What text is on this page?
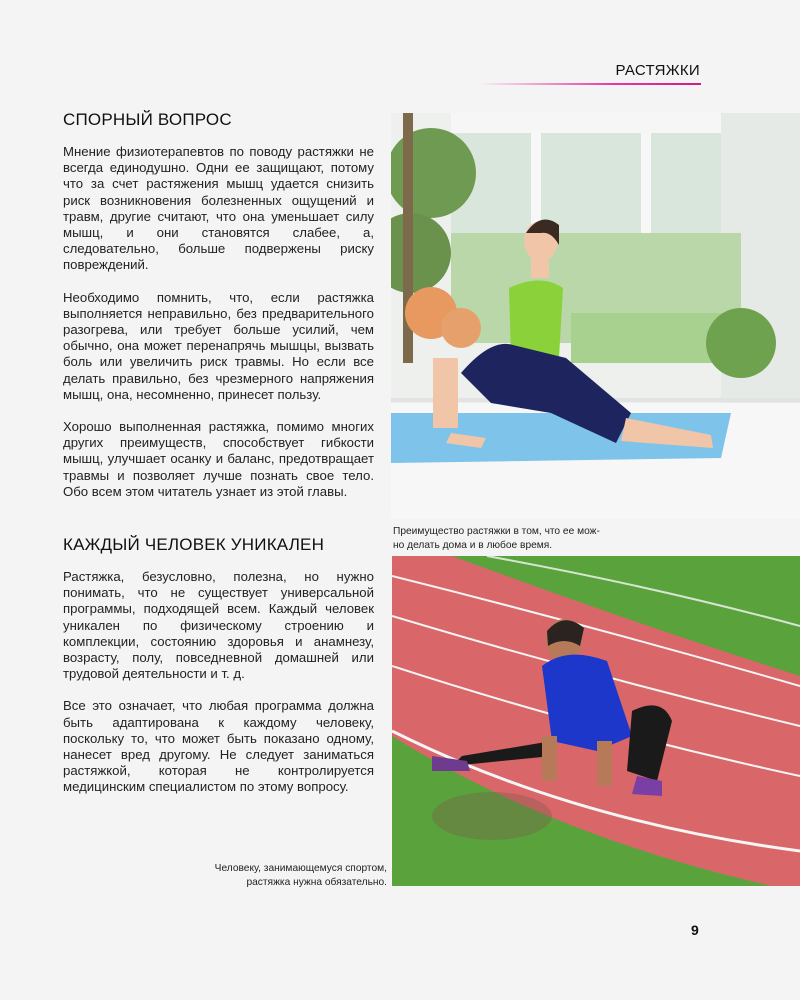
РАСТЯЖКИ
СПОРНЫЙ ВОПРОС

Мнение физиотерапевтов по поводу растяжки не всегда единодушно. Одни ее защищают, потому что за счет растяжения мышц удается снизить риск возникновения болезненных ощущений и травм, другие считают, что она уменьшает силу мышц, и они становятся слабее, а, следовательно, больше подвержены риску повреждений.

Необходимо помнить, что, если растяжка выполняется неправильно, без предварительного разогрева, или требует больше усилий, чем обычно, она может перенапрячь мышцы, вызвать боль или увеличить риск травмы. Но если все делать правильно, без чрезмерного напряжения мышц, она, несомненно, принесет пользу.

Хорошо выполненная растяжка, помимо многих других преимуществ, способствует гибкости мышц, улучшает осанку и баланс, предотвращает травмы и позволяет лучше познать свое тело. Обо всем этом читатель узнает из этой главы.

КАЖДЫЙ ЧЕЛОВЕК УНИКАЛЕН

Растяжка, безусловно, полезна, но нужно понимать, что не существует универсальной программы, подходящей всем. Каждый человек уникален по физическому строению и комплекции, состоянию здоровья и анамнезу, возрасту, полу, повседневной домашней или трудовой деятельности и т. д.

Все это означает, что любая программа должна быть адаптирована к каждому человеку, поскольку то, что может быть показано одному, нанесет вред другому. Не следует заниматься растяжкой, которая не контролируется медицинским специалистом по этому вопросу.

Преимущество растяжки в том, что ее мож-
но делать дома и в любое время.
Человеку, занимающемуся спортом,
растяжка нужна обязательно.
9
